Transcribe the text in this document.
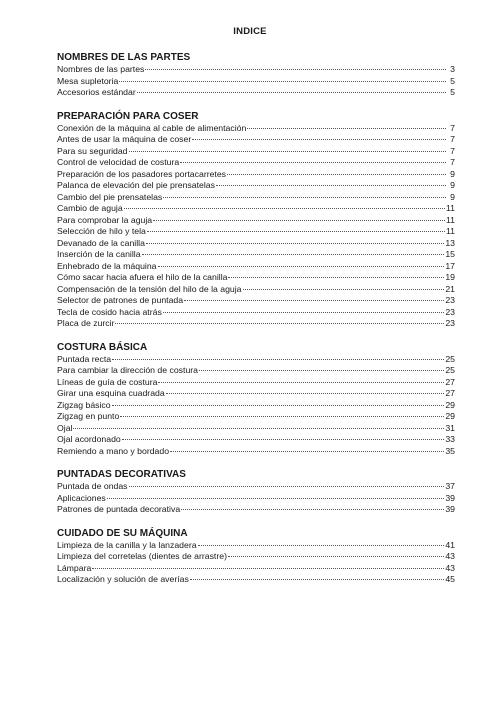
INDICE
NOMBRES DE LAS PARTES
Nombres de las partes	3
Mesa supletoria	5
Accesorios estándar	5
PREPARACIÓN PARA COSER
Conexión de la máquina al cable de alimentación	7
Antes de usar la máquina de coser	7
Para su seguridad	7
Control de velocidad de costura	7
Preparación de los pasadores portacarretes	9
Palanca de elevación del pie prensatelas	9
Cambio del pie prensatelas	9
Cambio de aguja	11
Para comprobar la aguja	11
Selección de hilo y tela	11
Devanado de la canilla	13
Inserción de la canilla	15
Enhebrado de la máquina	17
Cómo sacar hacia afuera el hilo de la canilla	19
Compensación de la tensión del hilo de la aguja	21
Selector de patrones de puntada	23
Tecla de cosido hacia atrás	23
Placa de zurcir	23
COSTURA BÁSICA
Puntada recta	25
Para cambiar la dirección de costura	25
Líneas de guía de costura	27
Girar una esquina cuadrada	27
Zigzag básico	29
Zigzag en punto	29
Ojal	31
Ojal acordonado	33
Remiendo a mano y bordado	35
PUNTADAS DECORATIVAS
Puntada de ondas	37
Aplicaciones	39
Patrones de puntada decorativa	39
CUIDADO DE SU MÁQUINA
Limpieza de la canilla y la lanzadera	41
Limpieza del corretelas (dientes de arrastre)	43
Lámpara	43
Localización y solución de averías	45
